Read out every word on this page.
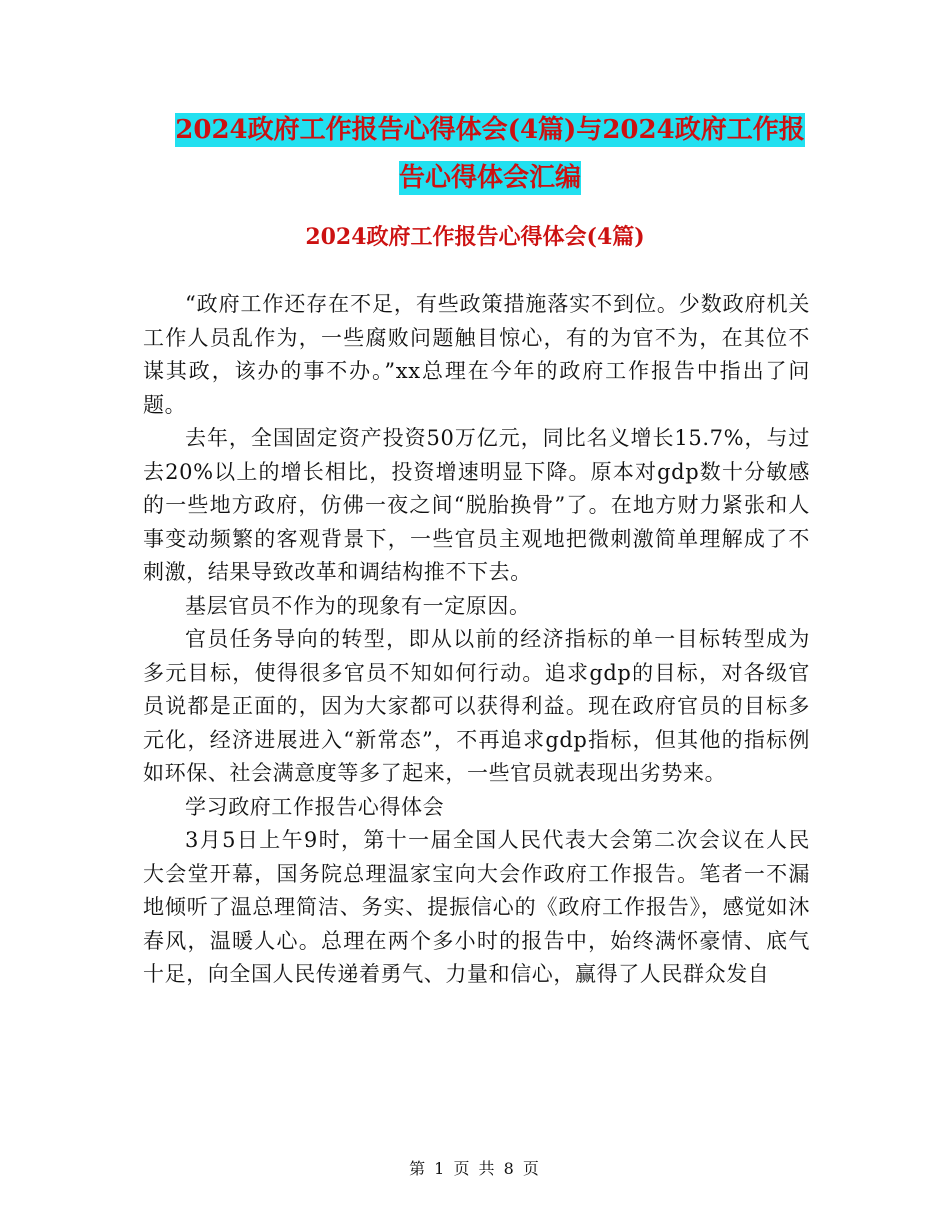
2024政府工作报告心得体会(4篇)与2024政府工作报
告心得体会汇编
2024政府工作报告心得体会(4篇)

“政府工作还存在不足，有些政策措施落实不到位。少数政府机关工作人员乱作为，一些腐败问题触目惊心，有的为官不为，在其位不谋其政，该办的事不办。”xx总理在今年的政府工作报告中指出了问题。

去年，全国固定资产投资50万亿元，同比名义增长15.7%，与过去20%以上的增长相比，投资增速明显下降。原本对gdp数十分敏感的一些地方政府，仿佛一夜之间“脱胎换骨”了。在地方财力紧张和人事变动频繁的客观背景下，一些官员主观地把微刺激简单理解成了不刺激，结果导致改革和调结构推不下去。

基层官员不作为的现象有一定原因。

官员任务导向的转型，即从以前的经济指标的单一目标转型成为多元目标，使得很多官员不知如何行动。追求gdp的目标，对各级官员说都是正面的，因为大家都可以获得利益。现在政府官员的目标多元化，经济进展进入“新常态”，不再追求gdp指标，但其他的指标例如环保、社会满意度等多了起来，一些官员就表现出劣势来。

学习政府工作报告心得体会

3月5日上午9时，第十一届全国人民代表大会第二次会议在人民大会堂开幕，国务院总理温家宝向大会作政府工作报告。笔者一不漏地倾听了温总理简洁、务实、提振信心的《政府工作报告》，感觉如沐春风，温暖人心。总理在两个多小时的报告中，始终满怀豪情、底气十足，向全国人民传递着勇气、力量和信心，赢得了人民群众发自

第 1 页 共 8 页
